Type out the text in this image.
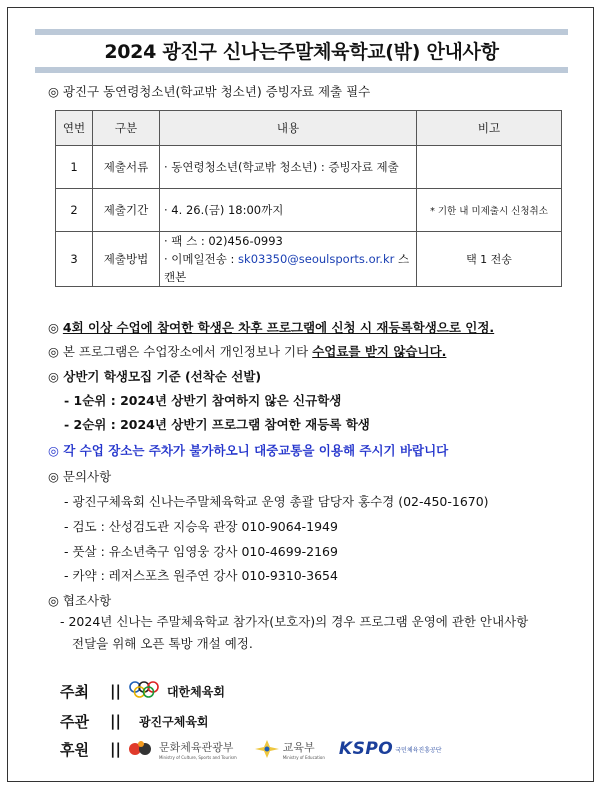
2024 광진구 신나는주말체육학교(밖) 안내사항
◎ 광진구 동연령청소년(학교밖 청소년) 증빙자료 제출 필수
연번	구분	내용	비고
1	제출서류	· 동연령청소년(학교밖 청소년) : 증빙자료 제출	
2	제출기간	· 4. 26.(금) 18:00까지	* 기한 내 미제출시 신청취소
3	제출방법	· 팩 스 : 02)456-0993
· 이메일전송 : sk03350@seoulsports.or.kr 스캔본	택 1 전송
◎ 4회 이상 수업에 참여한 학생은 차후 프로그램에 신청 시 재등록학생으로 인정.
◎ 본 프로그램은 수업장소에서 개인정보나 기타 수업료를 받지 않습니다.
◎ 상반기 학생모집 기준 (선착순 선발)
- 1순위 : 2024년 상반기 참여하지 않은 신규학생
- 2순위 : 2024년 상반기 프로그램 참여한 재등록 학생
◎ 각 수업 장소는 주차가 불가하오니 대중교통을 이용해 주시기 바랍니다
◎ 문의사항
- 광진구체육회 신나는주말체육학교 운영 총괄 담당자 홍수경 (02-450-1670)
- 검도 : 산성검도관 지승욱 관장 010-9064-1949
- 풋살 : 유소년축구 임영웅 강사 010-4699-2169
- 카약 : 레저스포츠 원주연 강사 010-9310-3654
◎ 협조사항
- 2024년 신나는 주말체육학교 참가자(보호자)의 경우 프로그램 운영에 관한 안내사항
전달을 위해 오픈 톡방 개설 예정.
주최	||	대한체육회
주관	|| 광진구체육회
후원	||	문화체육관광부
Ministry of Culture, Sports and Tourism
교육부
Ministry of Education KSPO 국민체육진흥공단
